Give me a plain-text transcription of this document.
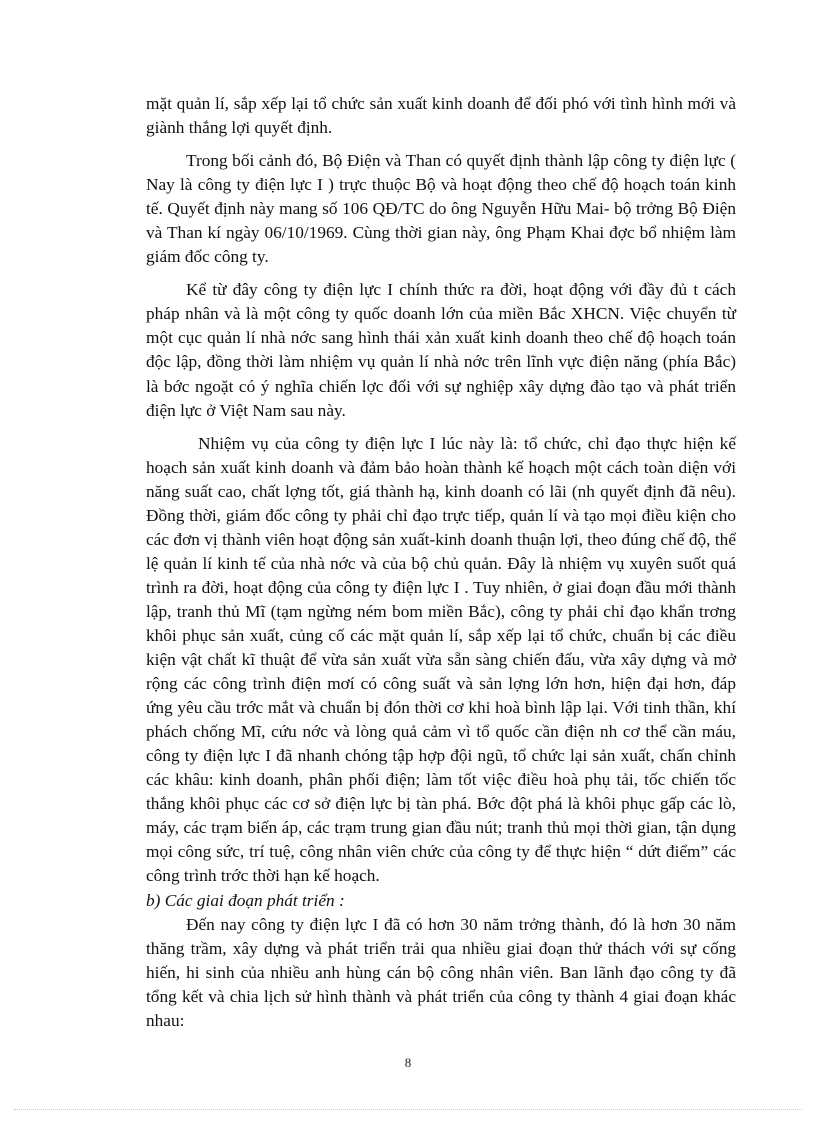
mặt quản lí, sắp xếp lại tổ chức sản xuất kinh doanh để đối phó với tình hình mới và giành thắng lợi quyết định.

Trong bối cảnh đó, Bộ Điện và Than có quyết định thành lập công ty điện lực ( Nay là công ty điện lực I ) trực thuộc Bộ và hoạt động theo chế độ hoạch toán kinh tế. Quyết định này mang số 106 QĐ/TC do ông Nguyễn Hữu Mai- bộ trởng Bộ Điện và Than kí ngày 06/10/1969. Cùng thời gian này, ông Phạm Khai đợc bổ nhiệm làm giám đốc công ty.

Kể từ đây công ty điện lực I chính thức ra đời, hoạt động với đầy đủ t cách pháp nhân và là một công ty quốc doanh lớn của miền Bắc XHCN. Việc chuyển từ một cục quản lí nhà nớc sang hình thái xản xuất kinh doanh theo chế độ hoạch toán độc lập, đồng thời làm nhiệm vụ quản lí nhà nớc trên lĩnh vực điện năng (phía Bắc) là bớc ngoặt có ý nghĩa chiến lợc đối với sự nghiệp xây dựng đào tạo và phát triển điện lực ở Việt Nam sau này.

Nhiệm vụ của công ty điện lực I lúc này là: tổ chức, chỉ đạo thực hiện kế hoạch sản xuất kinh doanh và đảm bảo hoàn thành kế hoạch một cách toàn diện với năng suất cao, chất lợng tốt, giá thành hạ, kinh doanh có lãi (nh quyết định đã nêu). Đồng thời, giám đốc công ty phải chỉ đạo trực tiếp, quản lí và tạo mọi điều kiện cho các đơn vị thành viên hoạt động sản xuất-kinh doanh thuận lợi, theo đúng chế độ, thể lệ quản lí kinh tế của nhà nớc và của bộ chủ quản. Đây là nhiệm vụ xuyên suốt quá trình ra đời, hoạt động của công ty điện lực I . Tuy nhiên, ở giai đoạn đầu mới thành lập, tranh thủ Mĩ (tạm ngừng ném bom miền Bắc), công ty phải chỉ đạo khẩn trơng khôi phục sản xuất, củng cố các mặt quản lí, sắp xếp lại tổ chức, chuẩn bị các điều kiện vật chất kĩ thuật để vừa sản xuất vừa sẵn sàng chiến đấu, vừa xây dựng và mở rộng các công trình điện mơí có công suất và sản lợng lớn hơn, hiện đại hơn, đáp ứng yêu cầu trớc mắt và chuẩn bị đón thời cơ khi hoà bình lập lại. Với tinh thần, khí phách chống Mĩ, cứu nớc và lòng quả cảm vì tổ quốc cần điện nh cơ thể cần máu, công ty điện lực I đã nhanh chóng tập hợp đội ngũ, tổ chức lại sản xuất, chấn chỉnh các khâu: kinh doanh, phân phối điện; làm tốt việc điều hoà phụ tải, tốc chiến tốc thắng khôi phục các cơ sở điện lực bị tàn phá. Bớc đột phá là khôi phục gấp các lò, máy, các trạm biến áp, các trạm trung gian đầu nút; tranh thủ mọi thời gian, tận dụng mọi công sức, trí tuệ, công nhân viên chức của công ty để thực hiện “ dứt điểm” các công trình trớc thời hạn kế hoạch.

b) Các giai đoạn phát triển :

Đến nay công ty điện lực I đã có hơn 30 năm trởng thành, đó là hơn 30 năm thăng trầm, xây dựng và phát triển trải qua nhiều giai đoạn thử thách với sự cống hiến, hi sinh của nhiều anh hùng cán bộ công nhân viên. Ban lãnh đạo công ty đã tổng kết và chia lịch sử hình thành và phát triển của công ty thành 4 giai đoạn khác nhau:

8
